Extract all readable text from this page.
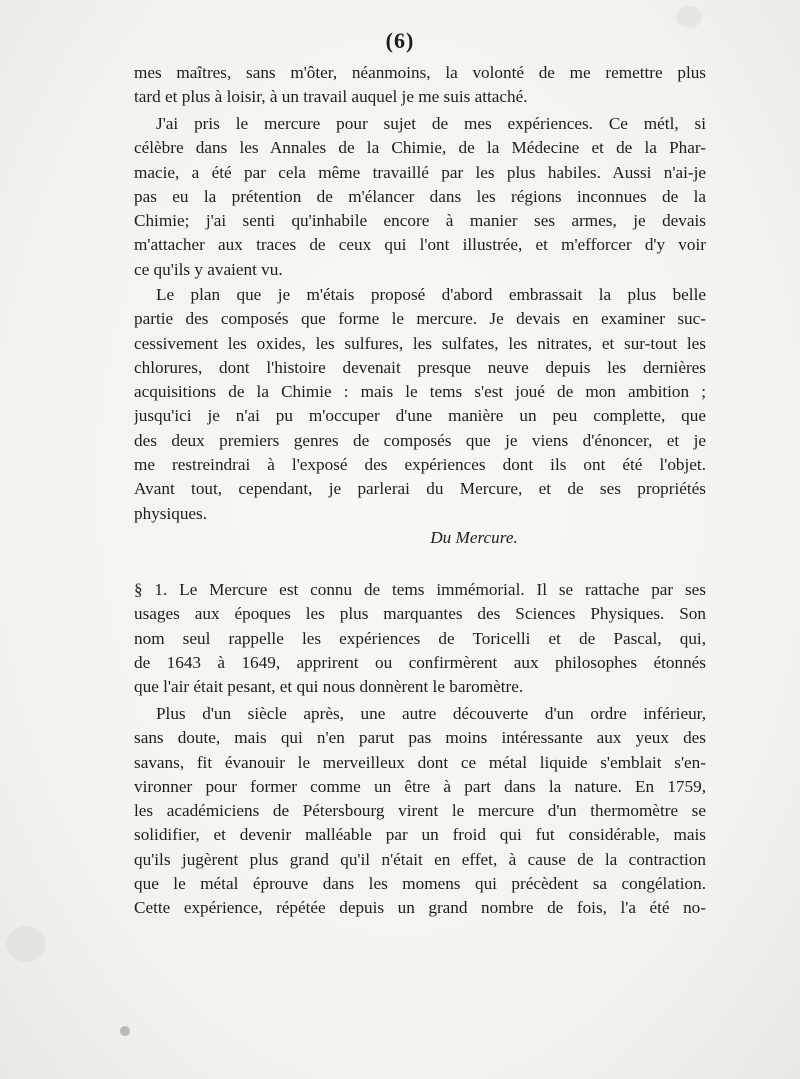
(6)
mes maîtres, sans m'ôter, néanmoins, la volonté de me remettre plus
tard et plus à loisir, à un travail auquel je me suis attaché.
J'ai pris le mercure pour sujet de mes expériences. Ce métl, si
célèbre dans les Annales de la Chimie, de la Médecine et de la Phar-
macie, a été par cela même travaillé par les plus habiles. Aussi n'ai-je
pas eu la prétention de m'élancer dans les régions inconnues de la
Chimie; j'ai senti qu'inhabile encore à manier ses armes, je devais
m'attacher aux traces de ceux qui l'ont illustrée, et m'efforcer d'y voir
ce qu'ils y avaient vu.
Le plan que je m'étais proposé d'abord embrassait la plus belle
partie des composés que forme le mercure. Je devais en examiner suc-
cessivement les oxides, les sulfures, les sulfates, les nitrates, et sur-tout les
chlorures, dont l'histoire devenait presque neuve depuis les dernières
acquisitions de la Chimie : mais le tems s'est joué de mon ambition ;
jusqu'ici je n'ai pu m'occuper d'une manière un peu complette, que
des deux premiers genres de composés que je viens d'énoncer, et je
me restreindrai à l'exposé des expériences dont ils ont été l'objet.
Avant tout, cependant, je parlerai du Mercure, et de ses propriétés
physiques.
Du Mercure.
§ 1. Le Mercure est connu de tems immémorial. Il se rattache par ses
usages aux époques les plus marquantes des Sciences Physiques. Son
nom seul rappelle les expériences de Toricelli et de Pascal, qui,
de 1643 à 1649, apprirent ou confirmèrent aux philosophes étonnés
que l'air était pesant, et qui nous donnèrent le baromètre.
Plus d'un siècle après, une autre découverte d'un ordre inférieur,
sans doute, mais qui n'en parut pas moins intéressante aux yeux des
savans, fit évanouir le merveilleux dont ce métal liquide s'emblait s'en-
vironner pour former comme un être à part dans la nature. En 1759,
les académiciens de Pétersbourg virent le mercure d'un thermomètre se
solidifier, et devenir malléable par un froid qui fut considérable, mais
qu'ils jugèrent plus grand qu'il n'était en effet, à cause de la contraction
que le métal éprouve dans les momens qui précèdent sa congélation.
Cette expérience, répétée depuis un grand nombre de fois, l'a été no-
